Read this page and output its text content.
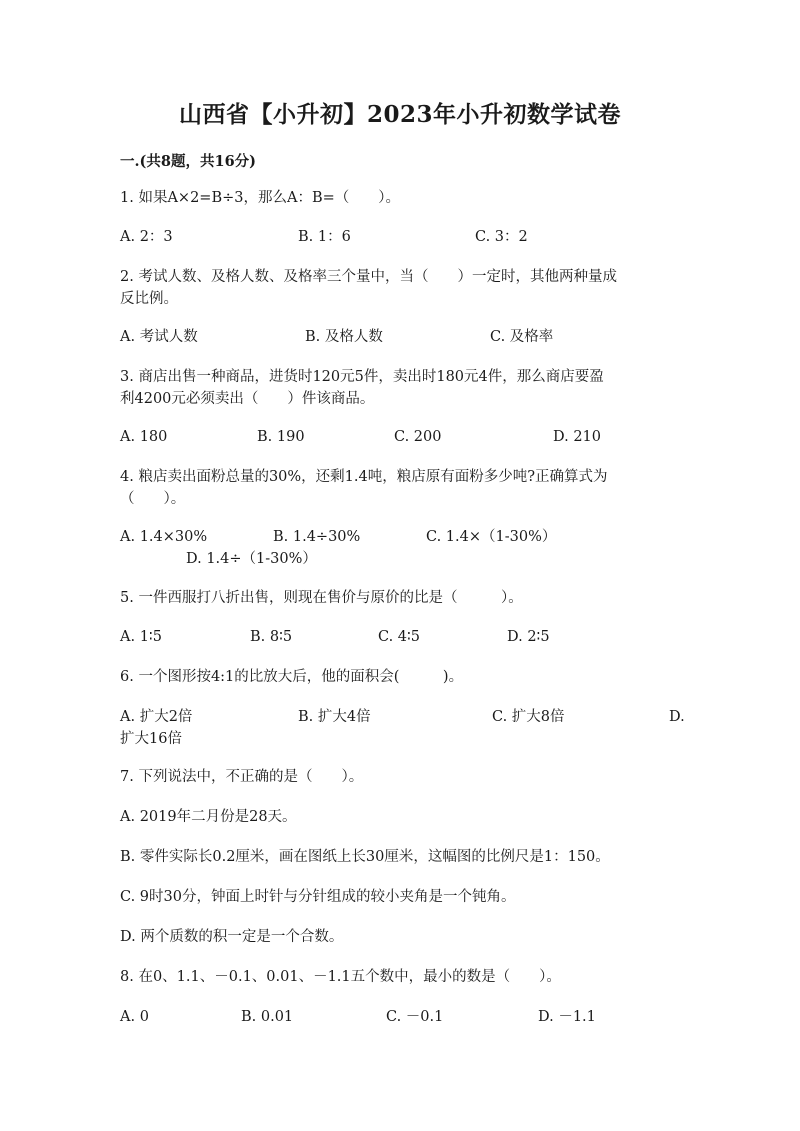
山西省【小升初】2023年小升初数学试卷
一.(共8题，共16分)
1. 如果A×2=B÷3，那么A：B=（　　）。
A. 2：3	B. 1：6	C. 3：2
2. 考试人数、及格人数、及格率三个量中，当（　　）一定时，其他两种量成
反比例。
A. 考试人数	B. 及格人数	C. 及格率
3. 商店出售一种商品，进货时120元5件，卖出时180元4件，那么商店要盈
利4200元必须卖出（　　）件该商品。
A. 180	B. 190	C. 200	D. 210
4. 粮店卖出面粉总量的30%，还剩1.4吨，粮店原有面粉多少吨?正确算式为
（　　）。
A. 1.4×30%	B. 1.4÷30%	C. 1.4×（1-30%）
D. 1.4÷（1-30%）
5. 一件西服打八折出售，则现在售价与原价的比是（　　　）。
A. 1∶5	B. 8∶5	C. 4∶5	D. 2∶5
6. 一个图形按4:1的比放大后，他的面积会(　　　)。
A. 扩大2倍	B. 扩大4倍	C. 扩大8倍	D.
扩大16倍
7. 下列说法中，不正确的是（　　）。
A. 2019年二月份是28天。
B. 零件实际长0.2厘米，画在图纸上长30厘米，这幅图的比例尺是1：150。
C. 9时30分，钟面上时针与分针组成的较小夹角是一个钝角。
D. 两个质数的积一定是一个合数。
8. 在0、1.1、－0.1、0.01、－1.1五个数中，最小的数是（　　）。
A. 0	B. 0.01	C. －0.1	D. －1.1
